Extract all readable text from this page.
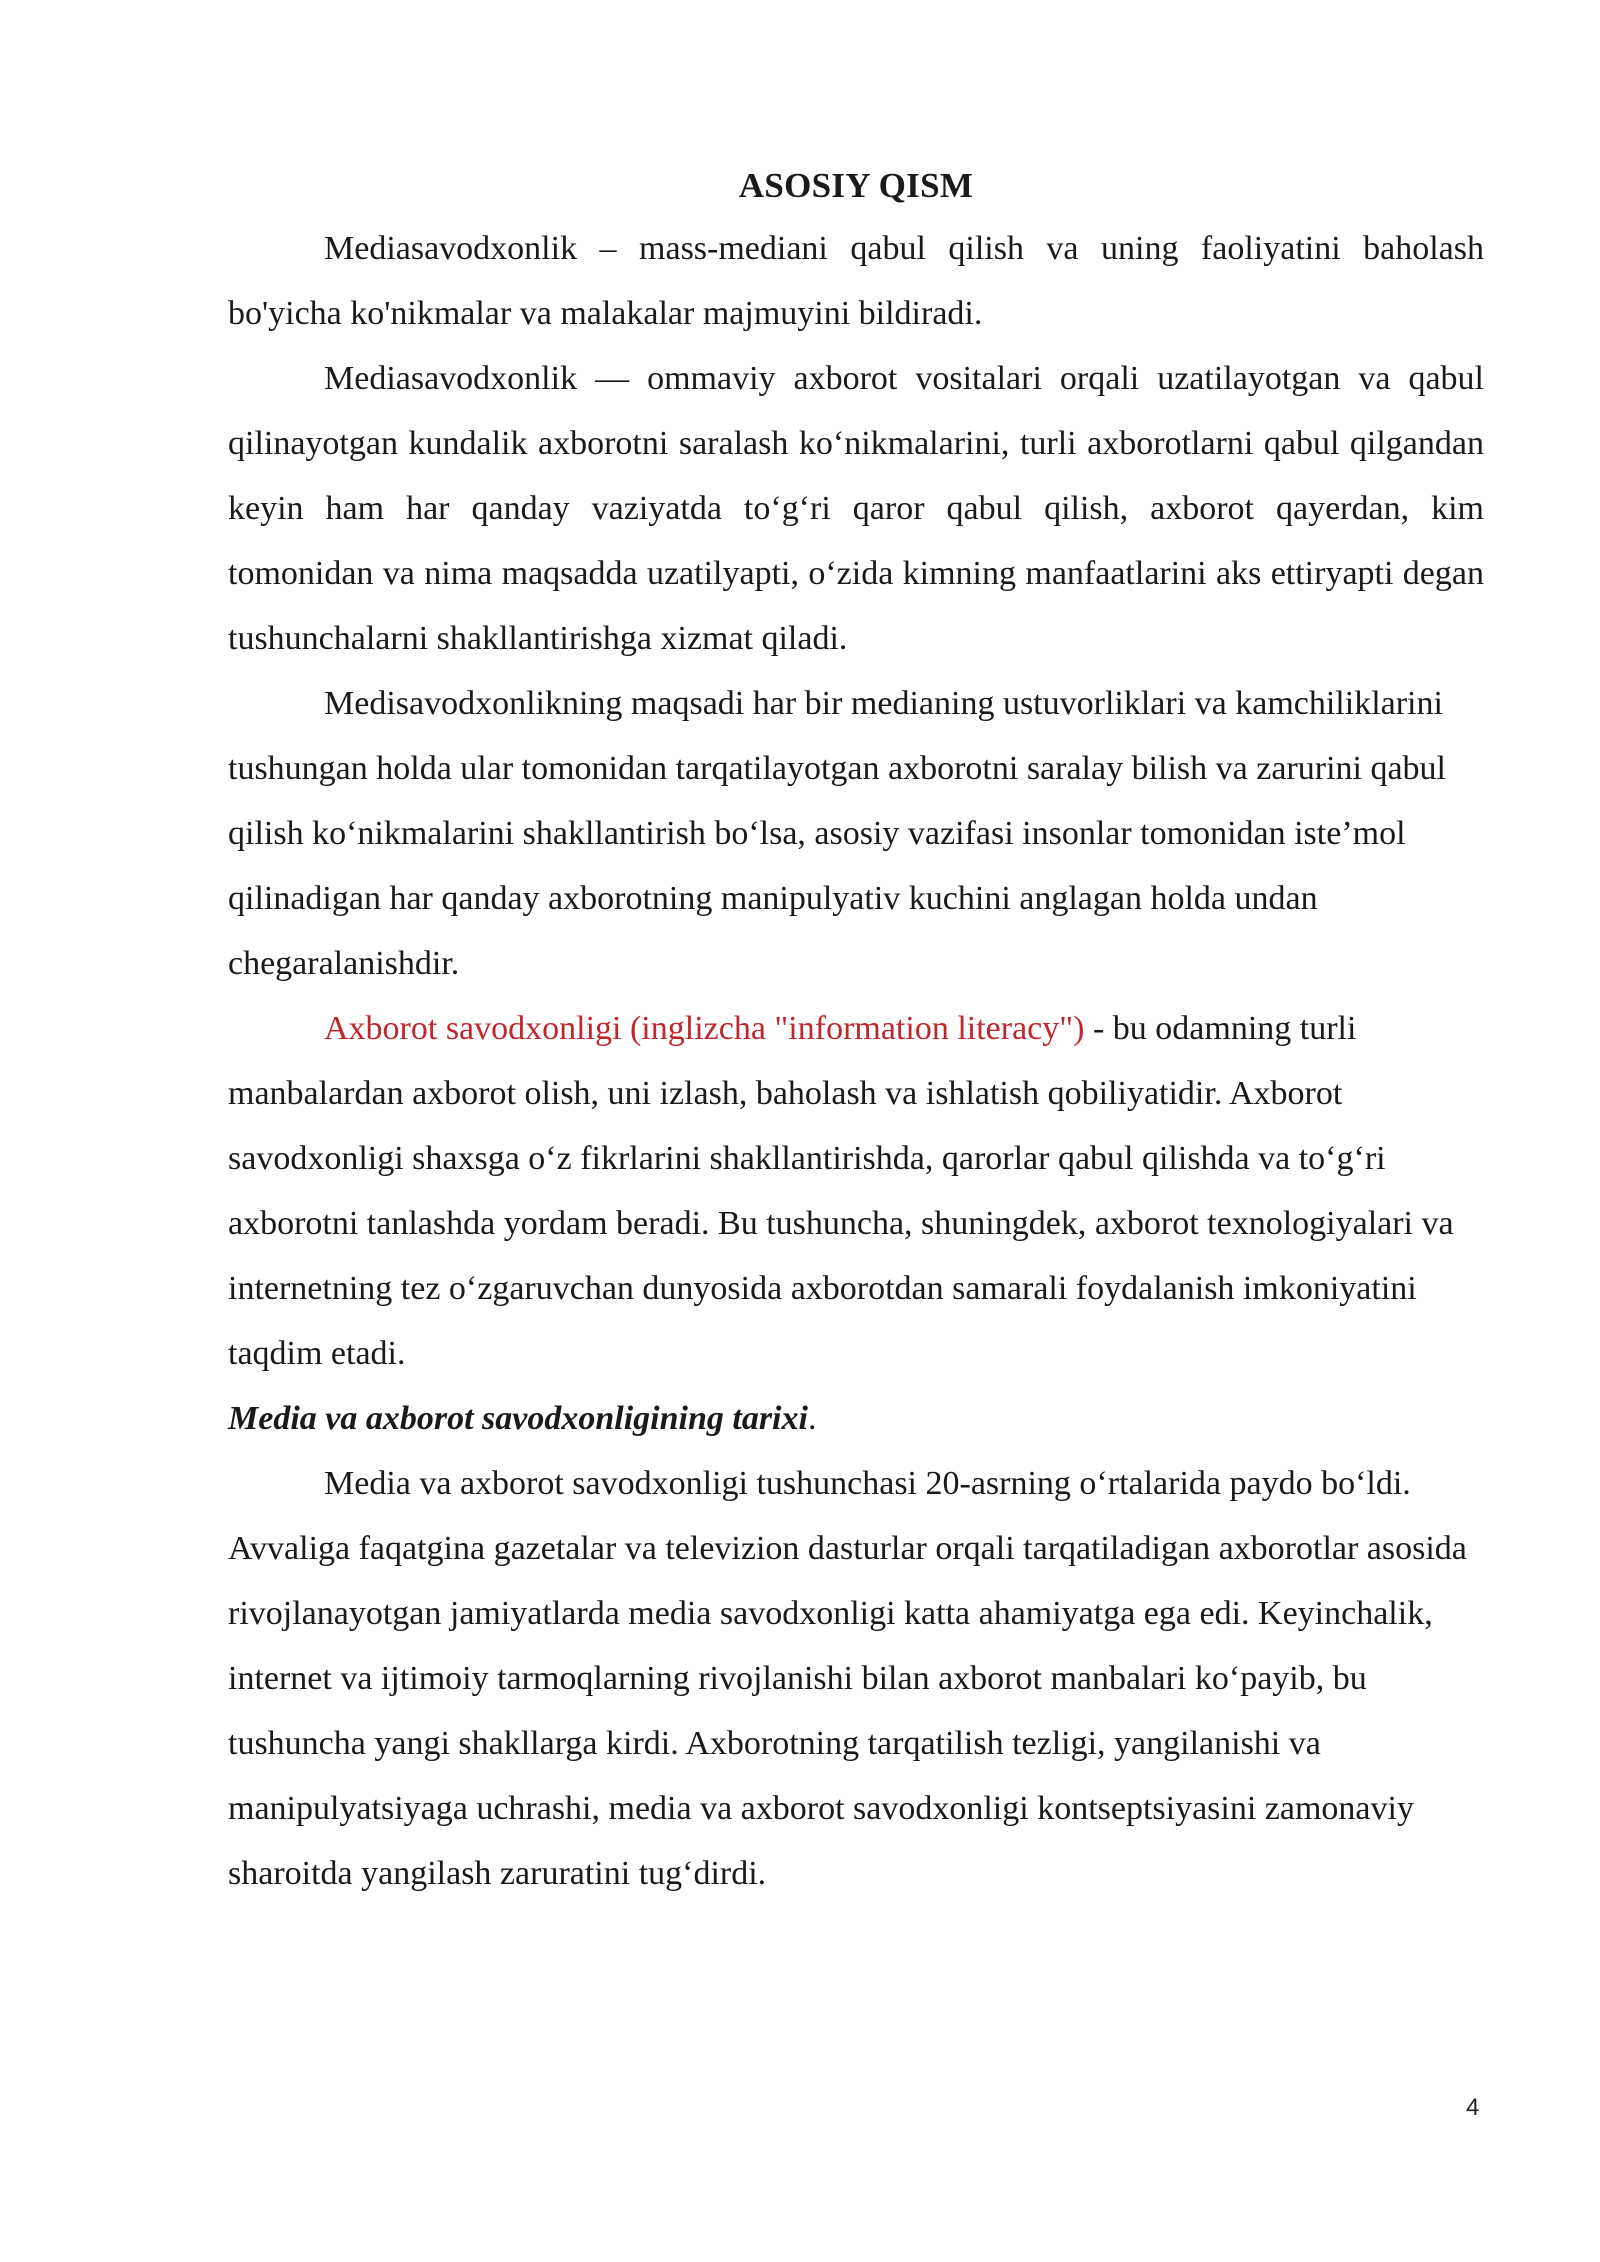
ASOSIY QISM

Mediasavodxonlik – mass-mediani qabul qilish va uning faoliyatini baholash bo'yicha ko'nikmalar va malakalar majmuyini bildiradi.

Mediasavodxonlik — ommaviy axborot vositalari orqali uzatilayotgan va qabul qilinayotgan kundalik axborotni saralash ko‘nikmalarini, turli axborotlarni qabul qilgandan keyin ham har qanday vaziyatda to‘g‘ri qaror qabul qilish, axborot qayerdan, kim tomonidan va nima maqsadda uzatilyapti, o‘zida kimning manfaatlarini aks ettiryapti degan tushunchalarni shakllantirishga xizmat qiladi.

Medisavodxonlikning maqsadi har bir medianing ustuvorliklari va kamchiliklarini tushungan holda ular tomonidan tarqatilayotgan axborotni saralay bilish va zarurini qabul qilish ko‘nikmalarini shakllantirish bo‘lsa, asosiy vazifasi insonlar tomonidan iste’mol qilinadigan har qanday axborotning manipulyativ kuchini anglagan holda undan chegaralanishdir.

Axborot savodxonligi (inglizcha "information literacy") - bu odamning turli manbalardan axborot olish, uni izlash, baholash va ishlatish qobiliyatidir. Axborot savodxonligi shaxsga o‘z fikrlarini shakllantirishda, qarorlar qabul qilishda va to‘g‘ri axborotni tanlashda yordam beradi. Bu tushuncha, shuningdek, axborot texnologiyalari va internetning tez o‘zgaruvchan dunyosida axborotdan samarali foydalanish imkoniyatini taqdim etadi.

Media va axborot savodxonligining tarixi.

Media va axborot savodxonligi tushunchasi 20-asrning o‘rtalarida paydo bo‘ldi. Avvaliga faqatgina gazetalar va televizion dasturlar orqali tarqatiladigan axborotlar asosida rivojlanayotgan jamiyatlarda media savodxonligi katta ahamiyatga ega edi. Keyinchalik, internet va ijtimoiy tarmoqlarning rivojlanishi bilan axborot manbalari ko‘payib, bu tushuncha yangi shakllarga kirdi. Axborotning tarqatilish tezligi, yangilanishi va manipulyatsiyaga uchrashi, media va axborot savodxonligi kontseptsiyasini zamonaviy sharoitda yangilash zaruratini tug‘dirdi.

4
